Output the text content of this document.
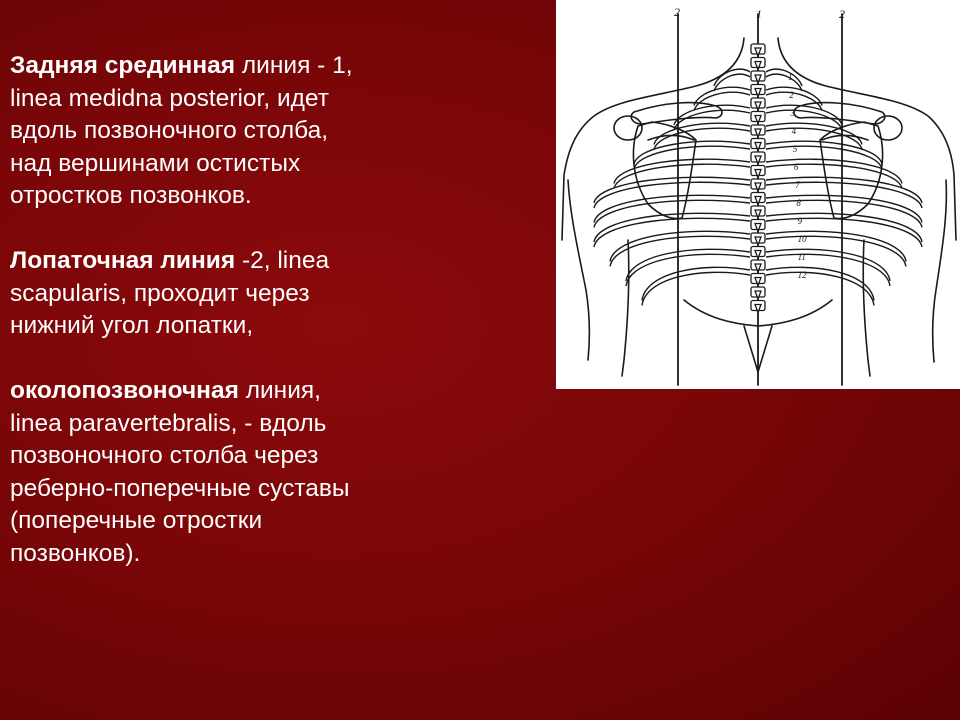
Задняя срединная линия - 1,
linea medidna posterior, идет
вдоль позвоночного столба,
над вершинами остистых
отростков позвонков.

Лопаточная линия -2, linea
scapularis, проходит через
нижний угол лопатки,

околопозвоночная линия,
linea paravertebralis, - вдоль
позвоночного столба через
реберно-поперечные суставы
(поперечные отростки
позвонков).

1
2
3
4
5
6
7
8
9
10
11
12
2	1	2
